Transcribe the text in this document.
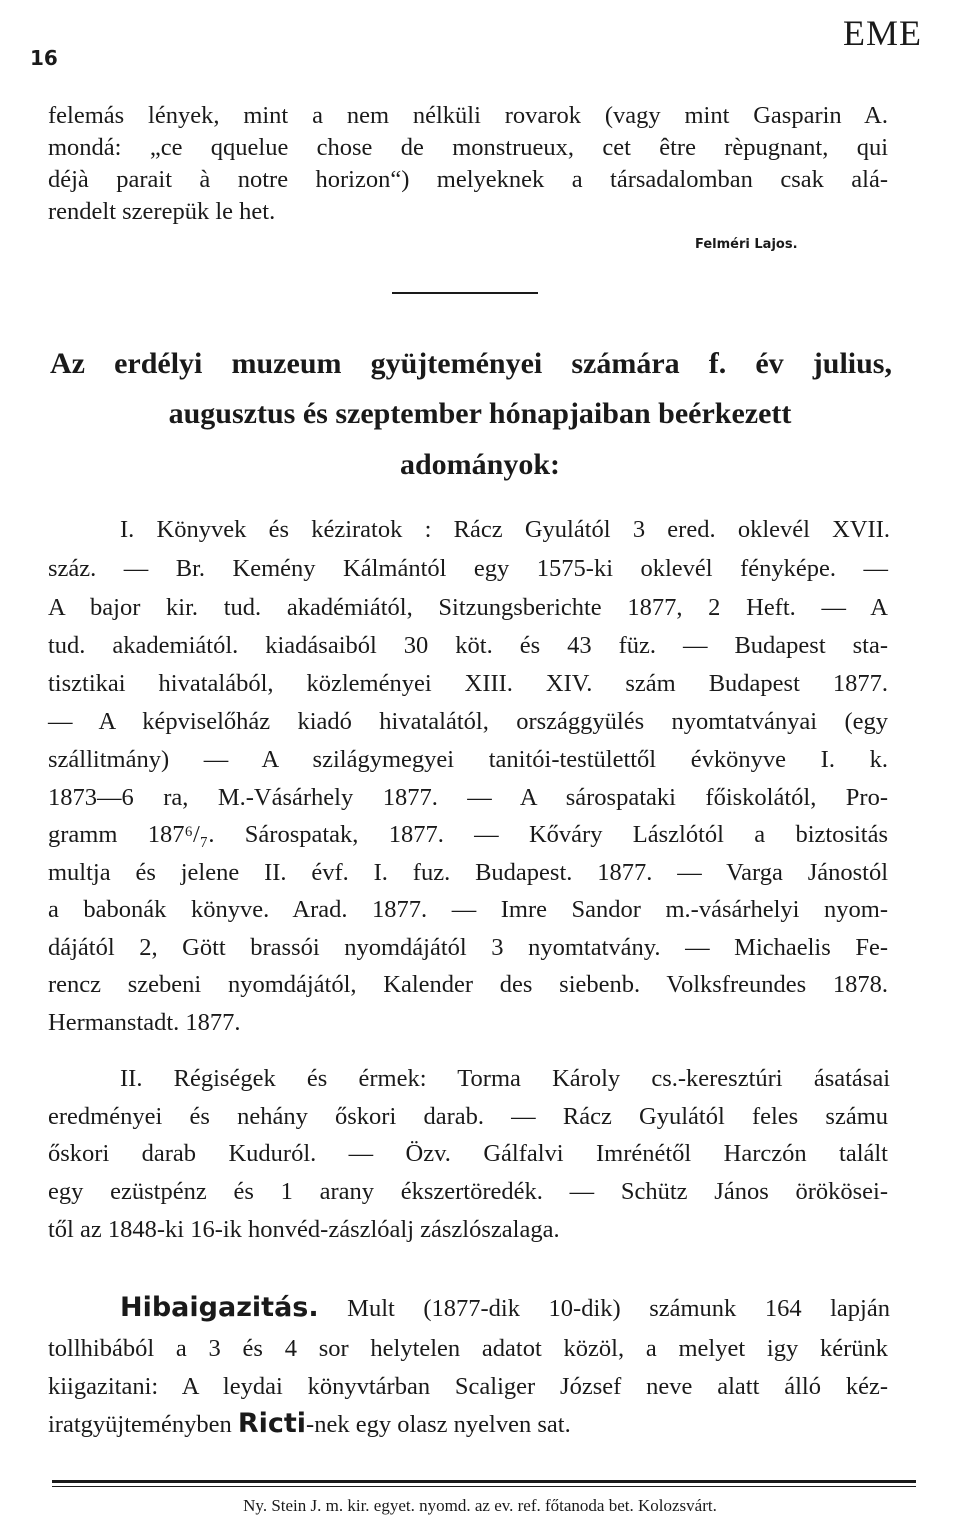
16
EME
felemás lények, mint a nem nélküli rovarok (vagy mint Gasparin A.
mondá: „ce qquelue chose de monstrueux, cet être rèpugnant, qui
déjà parait à notre horizon“) melyeknek a társadalomban csak alá-
rendelt szerepük le het.
Felméri Lajos.
Az erdélyi muzeum gyüjteményei számára f. év julius,
augusztus és szeptember hónapjaiban beérkezett
adományok:
I. Könyvek és kéziratok : Rácz Gyulától 3 ered. oklevél XVII.
száz. — Br. Kemény Kálmántól egy 1575-ki oklevél fényképe. —
A bajor kir. tud. akadémiától, Sitzungsberichte 1877, 2 Heft. — A
tud. akademiától. kiadásaiból 30 köt. és 43 füz. — Budapest sta-
tisztikai hivatalából, közleményei XIII. XIV. szám Budapest 1877.
— A képviselőház kiadó hivatalától, országgyülés nyomtatványai (egy
szállitmány) — A szilágymegyei tanitói-testülettől évkönyve I. k.
1873—6 ra, M.-Vásárhely 1877. — A sárospataki főiskolától, Pro-
gramm 187⁶/₇. Sárospatak, 1877. — Kőváry Lászlótól a biztositás
multja és jelene II. évf. I. fuz. Budapest. 1877. — Varga Jánostól
a babonák könyve. Arad. 1877. — Imre Sandor m.-vásárhelyi nyom-
dájától 2, Gött brassói nyomdájától 3 nyomtatvány. — Michaelis Fe-
rencz szebeni nyomdájától, Kalender des siebenb. Volksfreundes 1878.
Hermanstadt. 1877.
II. Régiségek és érmek: Torma Károly cs.-keresztúri ásatásai
eredményei és nehány őskori darab. — Rácz Gyulától feles számu
őskori darab Kuduról. — Özv. Gálfalvi Imrénétől Harczón talált
egy ezüstpénz és 1 arany ékszertöredék. — Schütz János örökösei-
től az 1848-ki 16-ik honvéd-zászlóalj zászlószalaga.
Hibaigazitás. Mult (1877-dik 10-dik) számunk 164 lapján
tollhibából a 3 és 4 sor helytelen adatot közöl, a melyet igy kérünk
kiigazitani: A leydai könyvtárban Scaliger József neve alatt álló kéz-
iratgyüjteményben Ricti-nek egy olasz nyelven sat.
Ny. Stein J. m. kir. egyet. nyomd. az ev. ref. főtanoda bet. Kolozsvárt.
